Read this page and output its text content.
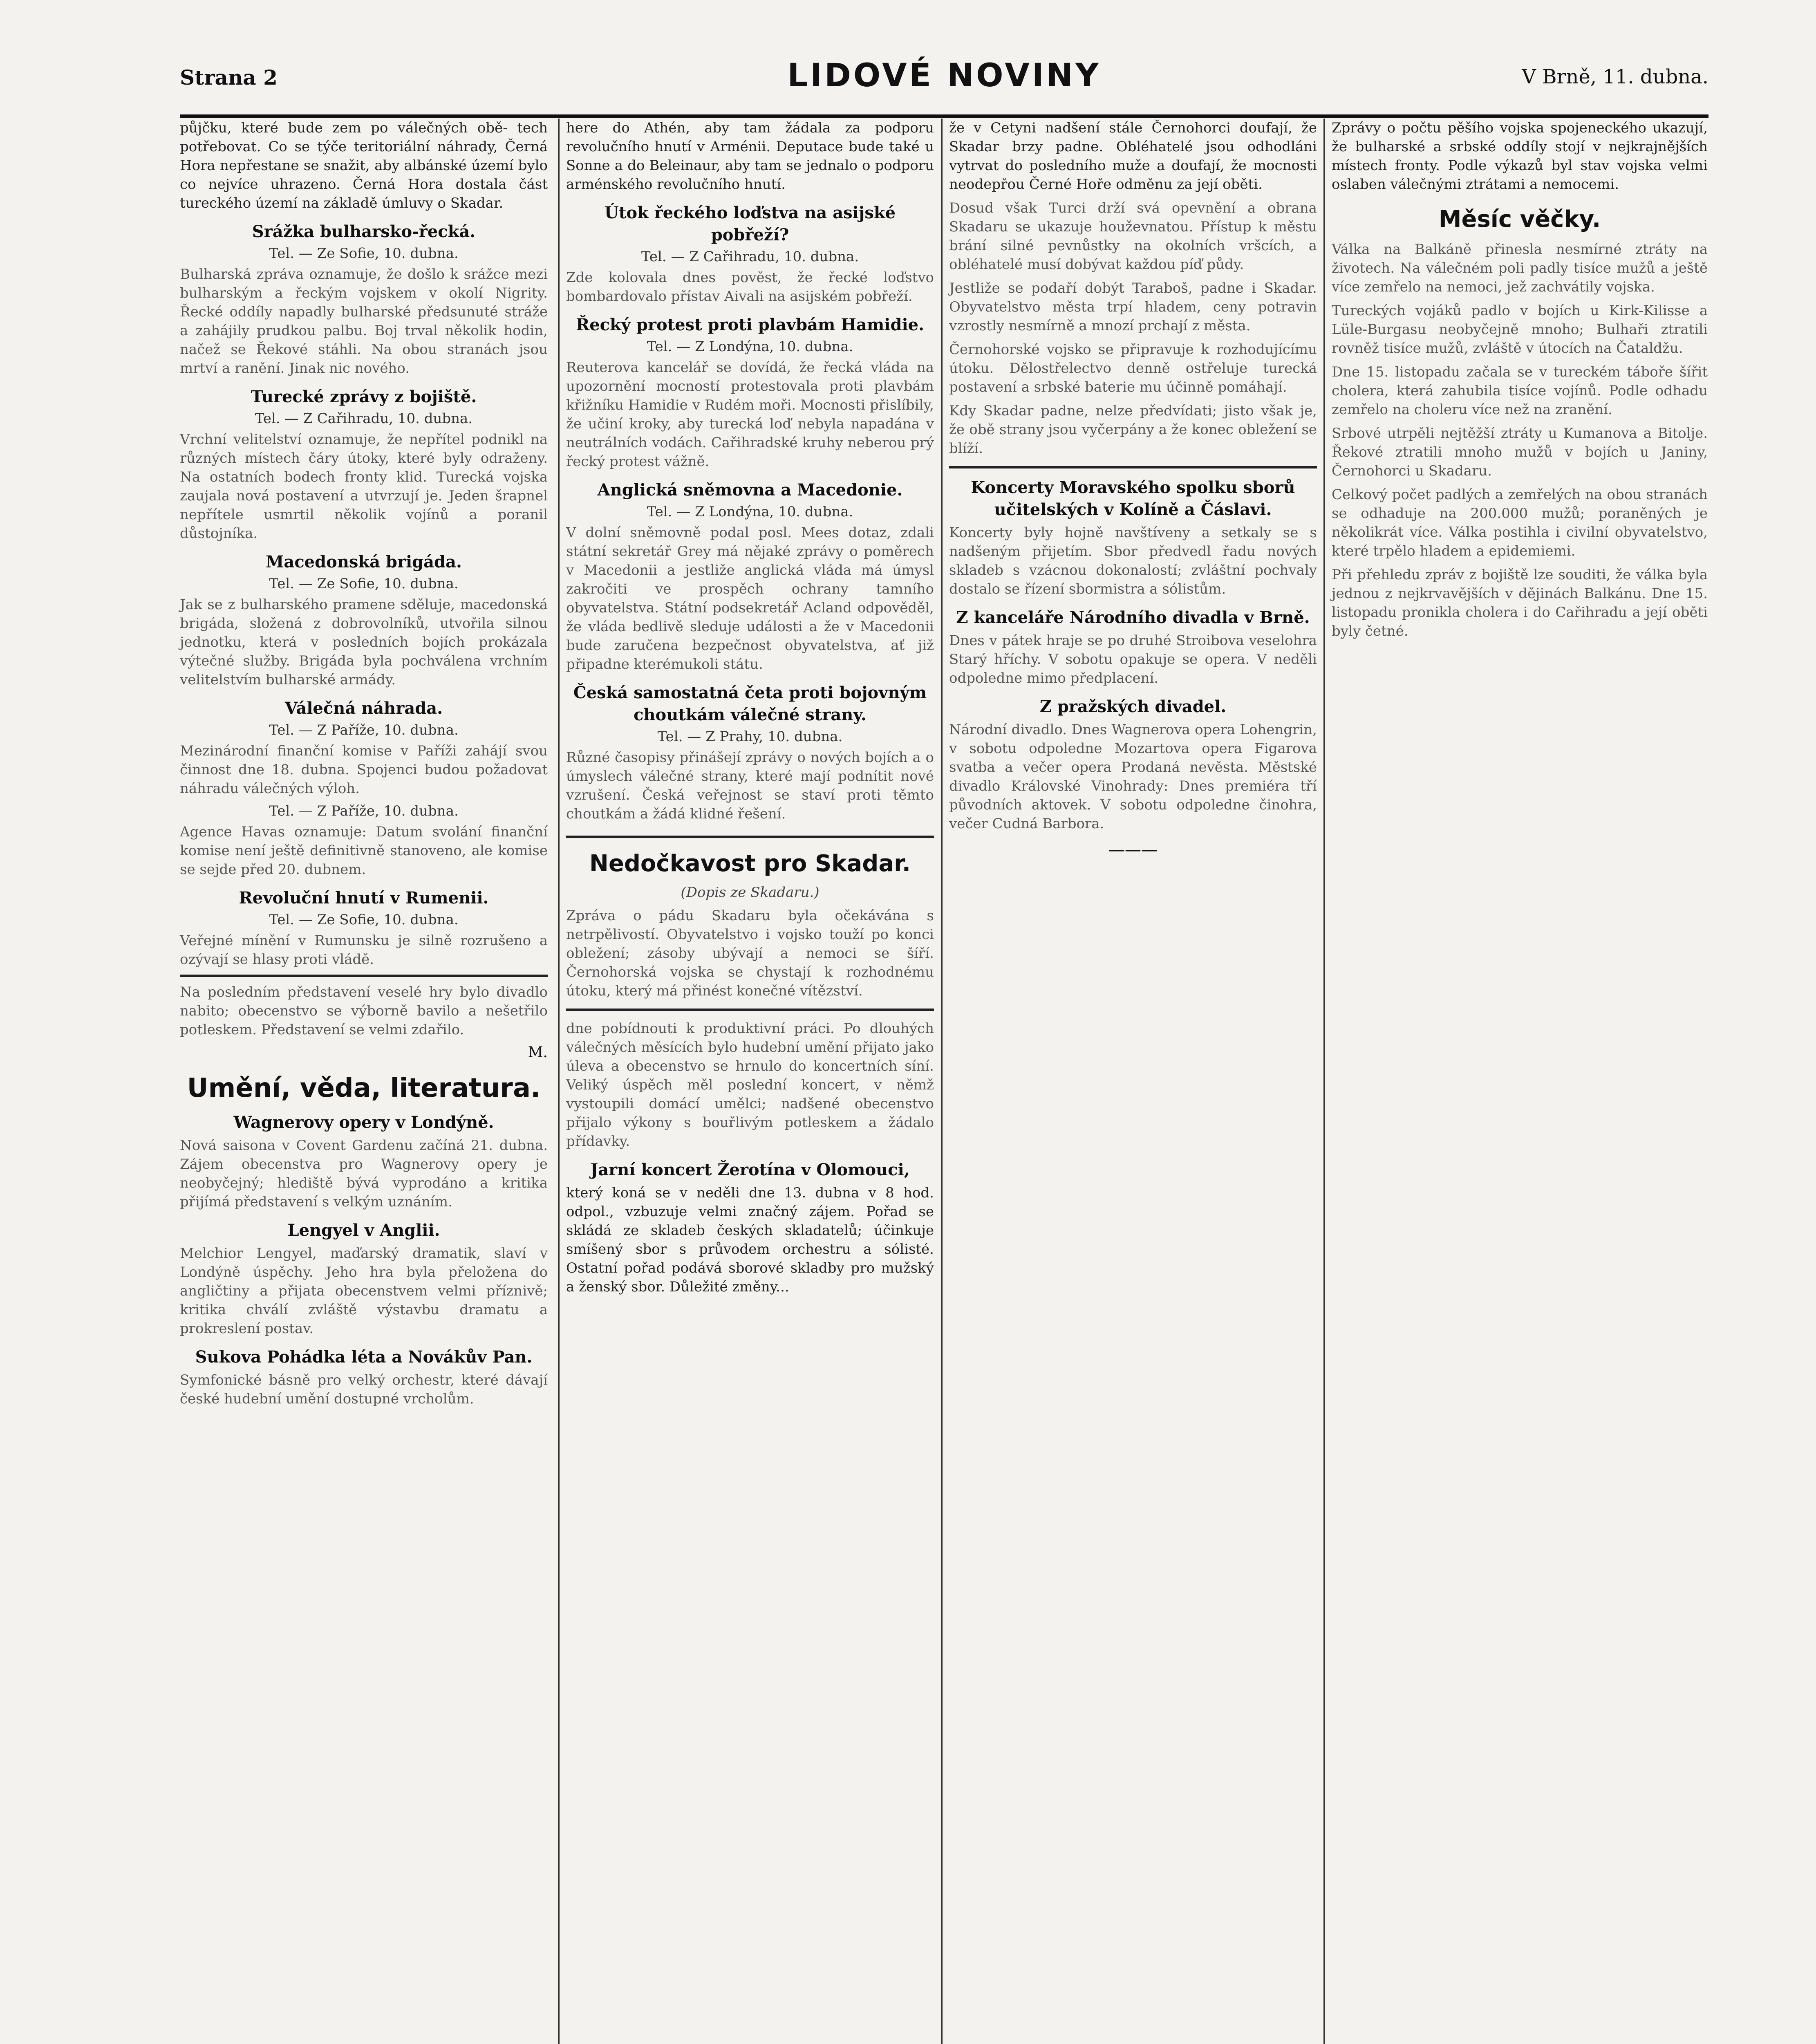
Strana 2	LIDOVÉ NOVINY	V Brně, 11. dubna.

půjčku, které bude zem po válečných obě- tech potřebovat. Co se týče teritoriální náhrady, Černá Hora nepřestane se snažit, aby albánské území bylo co nejvíce uhrazeno. Černá Hora dostala část tureckého území na základě úmluvy o Skadar.

Srážka bulharsko-řecká.
Tel. — Ze Sofie, 10. dubna.

Bulharská zpráva oznamuje, že došlo k srážce mezi bulharským a řeckým vojskem v okolí Nigrity. Řecké oddíly napadly bulharské předsunuté stráže a zahájily prudkou palbu. Boj trval několik hodin, načež se Řekové stáhli. Na obou stranách jsou mrtví a ranění. Jinak nic nového.

Turecké zprávy z bojiště.
Tel. — Z Cařihradu, 10. dubna.

Vrchní velitelství oznamuje, že nepřítel podnikl na různých místech čáry útoky, které byly odraženy. Na ostatních bodech fronty klid. Turecká vojska zaujala nová postavení a utvrzují je. Jeden šrapnel nepřítele usmrtil několik vojínů a poranil důstojníka.

Macedonská brigáda.
Tel. — Ze Sofie, 10. dubna.

Jak se z bulharského pramene sděluje, macedonská brigáda, složená z dobrovolníků, utvořila silnou jednotku, která v posledních bojích prokázala výtečné služby. Brigáda byla pochválena vrchním velitelstvím bulharské armády.

Válečná náhrada.
Tel. — Z Paříže, 10. dubna.

Mezinárodní finanční komise v Paříži zahájí svou činnost dne 18. dubna. Spojenci budou požadovat náhradu válečných výloh.

Tel. — Z Paříže, 10. dubna.

Agence Havas oznamuje: Datum svolání finanční komise není ještě definitivně stanoveno, ale komise se sejde před 20. dubnem.

Revoluční hnutí v Rumenii.
Tel. — Ze Sofie, 10. dubna.

Veřejné mínění v Rumunsku je silně rozrušeno a ozývají se hlasy proti vládě.

Na posledním představení veselé hry bylo divadlo nabito; obecenstvo se výborně bavilo a nešetřilo potleskem. Představení se velmi zdařilo.

M.
Umění, věda, literatura.
Wagnerovy opery v Londýně.

Nová saisona v Covent Gardenu začíná 21. dubna. Zájem obecenstva pro Wagnerovy opery je neobyčejný; hlediště bývá vyprodáno a kritika přijímá představení s velkým uznáním.

Lengyel v Anglii.

Melchior Lengyel, maďarský dramatik, slaví v Londýně úspěchy. Jeho hra byla přeložena do angličtiny a přijata obecenstvem velmi příznivě; kritika chválí zvláště výstavbu dramatu a prokreslení postav.

Sukova Pohádka léta a Novákův Pan.

Symfonické básně pro velký orchestr, které dávají české hudební umění dostupné vrcholům.

here do Athén, aby tam žádala za podporu revolučního hnutí v Arménii. Deputace bude také u Sonne a do Beleinaur, aby tam se jednalo o podporu arménského revolučního hnutí.

Útok řeckého loďstva na asijské pobřeží?
Tel. — Z Cařihradu, 10. dubna.

Zde kolovala dnes pověst, že řecké loďstvo bombardovalo přístav Aivali na asijském pobřeží.

Řecký protest proti plavbám Hamidie.
Tel. — Z Londýna, 10. dubna.

Reuterova kancelář se dovídá, že řecká vláda na upozornění mocností protestovala proti plavbám křižníku Hamidie v Rudém moři. Mocnosti přislíbily, že učiní kroky, aby turecká loď nebyla napadána v neutrálních vodách. Cařihradské kruhy neberou prý řecký protest vážně.

Anglická sněmovna a Macedonie.
Tel. — Z Londýna, 10. dubna.

V dolní sněmovně podal posl. Mees dotaz, zdali státní sekretář Grey má nějaké zprávy o poměrech v Macedonii a jestliže anglická vláda má úmysl zakročiti ve prospěch ochrany tamního obyvatelstva. Státní podsekretář Acland odpověděl, že vláda bedlivě sleduje události a že v Macedonii bude zaručena bezpečnost obyvatelstva, ať již připadne kterémukoli státu.

Česká samostatná četa proti bojovným choutkám válečné strany.
Tel. — Z Prahy, 10. dubna.

Různé časopisy přinášejí zprávy o nových bojích a o úmyslech válečné strany, které mají podnítit nové vzrušení. Česká veřejnost se staví proti těmto choutkám a žádá klidné řešení.

Nedočkavost pro Skadar.
(Dopis ze Skadaru.)

Zpráva o pádu Skadaru byla očekávána s netrpělivostí. Obyvatelstvo i vojsko touží po konci obležení; zásoby ubývají a nemoci se šíří. Černohorská vojska se chystají k rozhodnému útoku, který má přinést konečné vítězství.

dne pobídnouti k produktivní práci. Po dlouhých válečných měsících bylo hudební umění přijato jako úleva a obecenstvo se hrnulo do koncertních síní. Veliký úspěch měl poslední koncert, v němž vystoupili domácí umělci; nadšené obecenstvo přijalo výkony s bouřlivým potleskem a žádalo přídavky.

Jarní koncert Žerotína v Olomouci,

který koná se v neděli dne 13. dubna v 8 hod. odpol., vzbuzuje velmi značný zájem. Pořad se skládá ze skladeb českých skladatelů; účinkuje smíšený sbor s průvodem orchestru a sólisté. Ostatní pořad podává sborové skladby pro mužský a ženský sbor. Důležité změny...

že v Cetyni nadšení stále Černohorci doufají, že Skadar brzy padne. Obléhatelé jsou odhodláni vytrvat do posledního muže a doufají, že mocnosti neodepřou Černé Hoře odměnu za její oběti.

Dosud však Turci drží svá opevnění a obrana Skadaru se ukazuje houževnatou. Přístup k městu brání silné pevnůstky na okolních vršcích, a obléhatelé musí dobývat každou píď půdy.

Jestliže se podaří dobýt Taraboš, padne i Skadar. Obyvatelstvo města trpí hladem, ceny potravin vzrostly nesmírně a mnozí prchají z města.

Černohorské vojsko se připravuje k rozhodujícímu útoku. Dělostřelectvo denně ostřeluje turecká postavení a srbské baterie mu účinně pomáhají.

Kdy Skadar padne, nelze předvídati; jisto však je, že obě strany jsou vyčerpány a že konec obležení se blíží.

Koncerty Moravského spolku sborů učitelských v Kolíně a Čáslavi.

Koncerty byly hojně navštíveny a setkaly se s nadšeným přijetím. Sbor předvedl řadu nových skladeb s vzácnou dokonalostí; zvláštní pochvaly dostalo se řízení sbormistra a sólistům.

Z kanceláře Národního divadla v Brně.

Dnes v pátek hraje se po druhé Stroibova veselohra Starý hříchy. V sobotu opakuje se opera. V neděli odpoledne mimo předplacení.

Z pražských divadel.

Národní divadlo. Dnes Wagnerova opera Lohengrin, v sobotu odpoledne Mozartova opera Figarova svatba a večer opera Prodaná nevěsta. Městské divadlo Královské Vinohrady: Dnes premiéra tří původních aktovek. V sobotu odpoledne činohra, večer Cudná Barbora.

———

Zprávy o počtu pěšího vojska spojeneckého ukazují, že bulharské a srbské oddíly stojí v nejkrajnějších místech fronty. Podle výkazů byl stav vojska velmi oslaben válečnými ztrátami a nemocemi.

Měsíc věčky.

Válka na Balkáně přinesla nesmírné ztráty na životech. Na válečném poli padly tisíce mužů a ještě více zemřelo na nemoci, jež zachvátily vojska.

Tureckých vojáků padlo v bojích u Kirk-Kilisse a Lüle-Burgasu neobyčejně mnoho; Bulhaři ztratili rovněž tisíce mužů, zvláště v útocích na Čataldžu.

Dne 15. listopadu začala se v tureckém táboře šířit cholera, která zahubila tisíce vojínů. Podle odhadu zemřelo na choleru více než na zranění.

Srbové utrpěli nejtěžší ztráty u Kumanova a Bitolje. Řekové ztratili mnoho mužů v bojích u Janiny, Černohorci u Skadaru.

Celkový počet padlých a zemřelých na obou stranách se odhaduje na 200.000 mužů; poraněných je několikrát více. Válka postihla i civilní obyvatelstvo, které trpělo hladem a epidemiemi.

Při přehledu zpráv z bojiště lze souditi, že válka byla jednou z nejkrvavějších v dějinách Balkánu. Dne 15. listopadu pronikla cholera i do Cařihradu a její oběti byly četné.
